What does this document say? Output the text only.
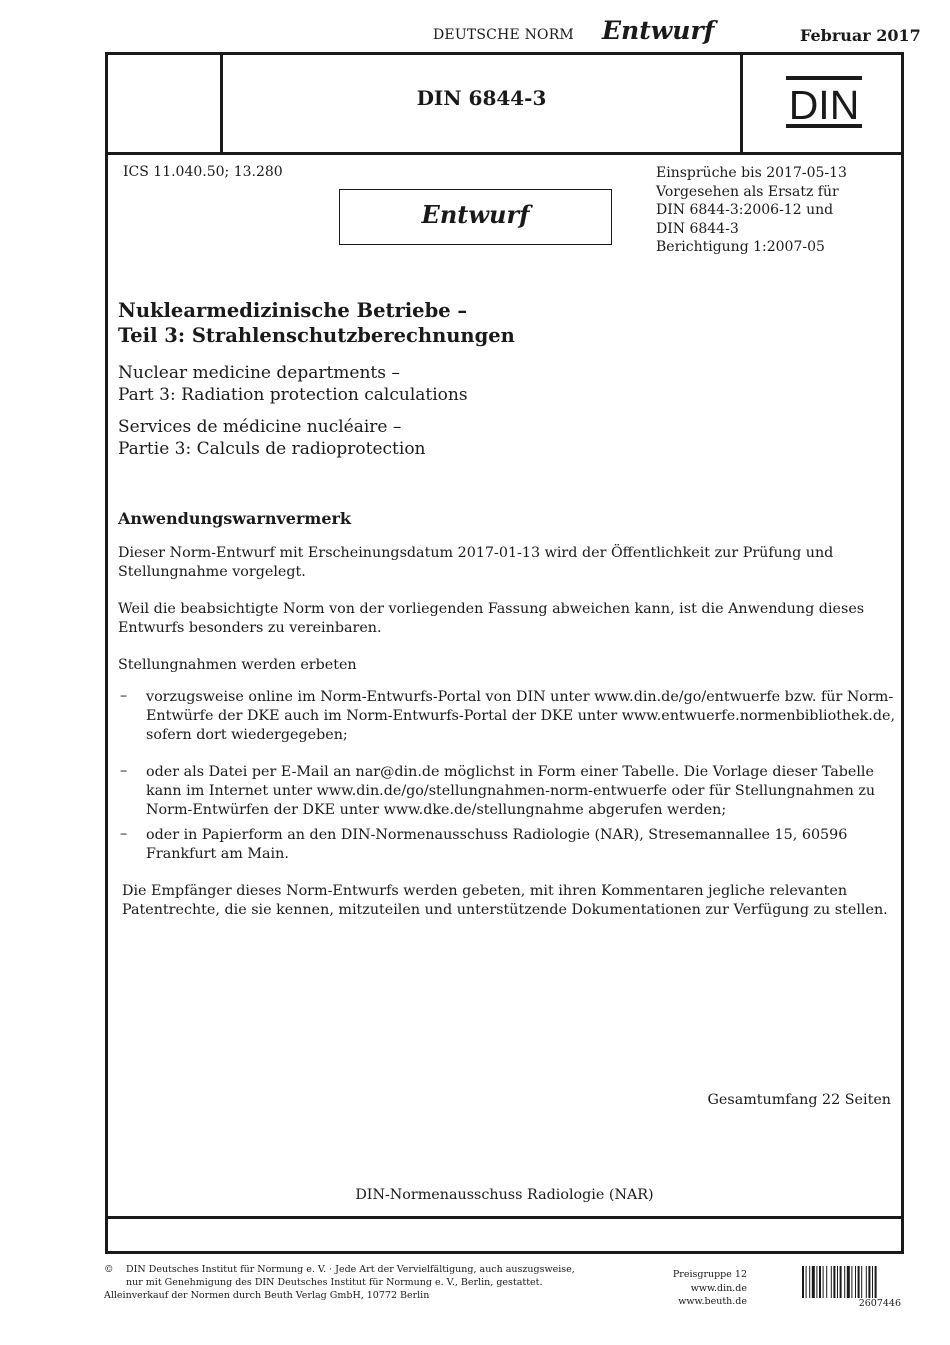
DEUTSCHE NORM Entwurf	Februar 2017
DIN 6844-3	DIN
ICS 11.040.50; 13.280
Entwurf
Einsprüche bis 2017-05-13
Vorgesehen als Ersatz für
DIN 6844-3:2006-12 und
DIN 6844-3
Berichtigung 1:2007-05
Nuklearmedizinische Betriebe –
Teil 3: Strahlenschutzberechnungen
Nuclear medicine departments –
Part 3: Radiation protection calculations
Services de médicine nucléaire –
Partie 3: Calculs de radioprotection
Anwendungswarnvermerk
Dieser Norm-Entwurf mit Erscheinungsdatum 2017-01-13 wird der Öffentlichkeit zur Prüfung und Stellungnahme vorgelegt.
Weil die beabsichtigte Norm von der vorliegenden Fassung abweichen kann, ist die Anwendung dieses Entwurfs besonders zu vereinbaren.
Stellungnahmen werden erbeten
– vorzugsweise online im Norm-Entwurfs-Portal von DIN unter www.din.de/go/entwuerfe bzw. für Norm-Entwürfe der DKE auch im Norm-Entwurfs-Portal der DKE unter www.entwuerfe.normenbibliothek.de, sofern dort wiedergegeben;
– oder als Datei per E-Mail an nar@din.de möglichst in Form einer Tabelle. Die Vorlage dieser Tabelle kann im Internet unter www.din.de/go/stellungnahmen-norm-entwuerfe oder für Stellungnahmen zu Norm-Entwürfen der DKE unter www.dke.de/stellungnahme abgerufen werden;
– oder in Papierform an den DIN-Normenausschuss Radiologie (NAR), Stresemannallee 15, 60596 Frankfurt am Main.
Die Empfänger dieses Norm-Entwurfs werden gebeten, mit ihren Kommentaren jegliche relevanten Patentrechte, die sie kennen, mitzuteilen und unterstützende Dokumentationen zur Verfügung zu stellen.
Gesamtumfang 22 Seiten
DIN-Normenausschuss Radiologie (NAR)
©	DIN Deutsches Institut für Normung e. V. · Jede Art der Vervielfältigung, auch auszugsweise,
nur mit Genehmigung des DIN Deutsches Institut für Normung e. V., Berlin, gestattet.
Alleinverkauf der Normen durch Beuth Verlag GmbH, 10772 Berlin
Preisgruppe 12
www.din.de
www.beuth.de	2607446
